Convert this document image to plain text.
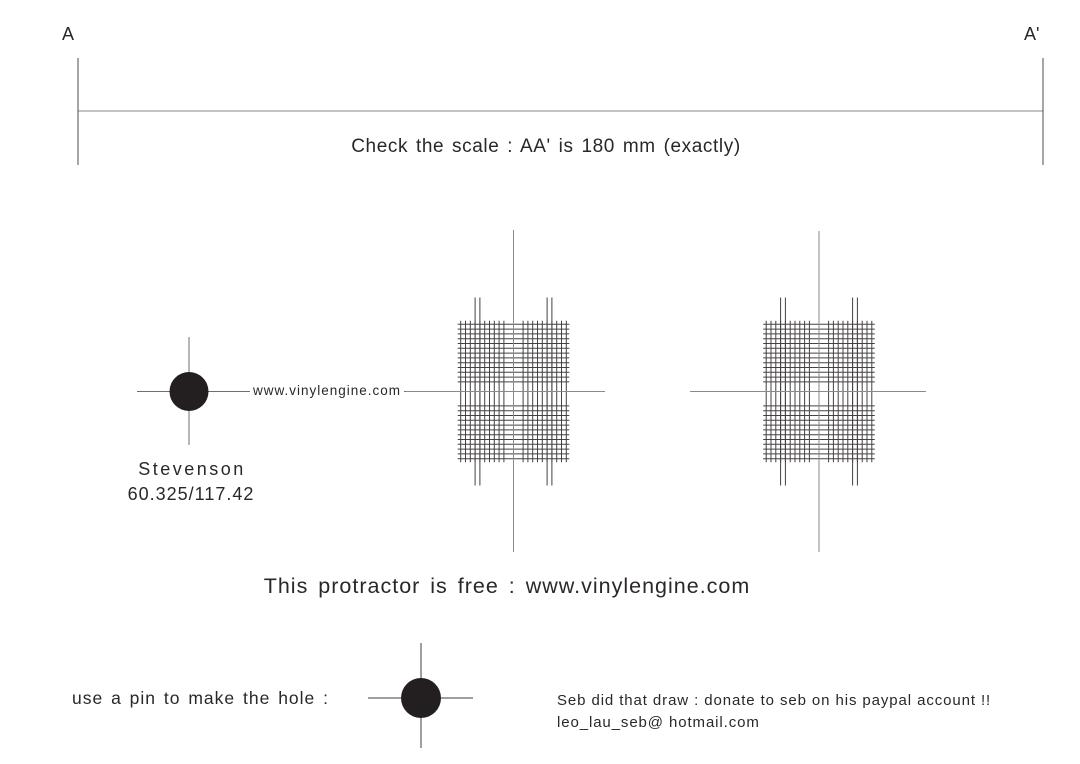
A	A'
Check the scale : AA' is 180 mm (exactly)
www.vinylengine.com
Stevenson
60.325/117.42
This protractor is free : www.vinylengine.com
use a pin to make the hole :	Seb did that draw : donate to seb on his paypal account !!
leo_lau_seb@ hotmail.com
